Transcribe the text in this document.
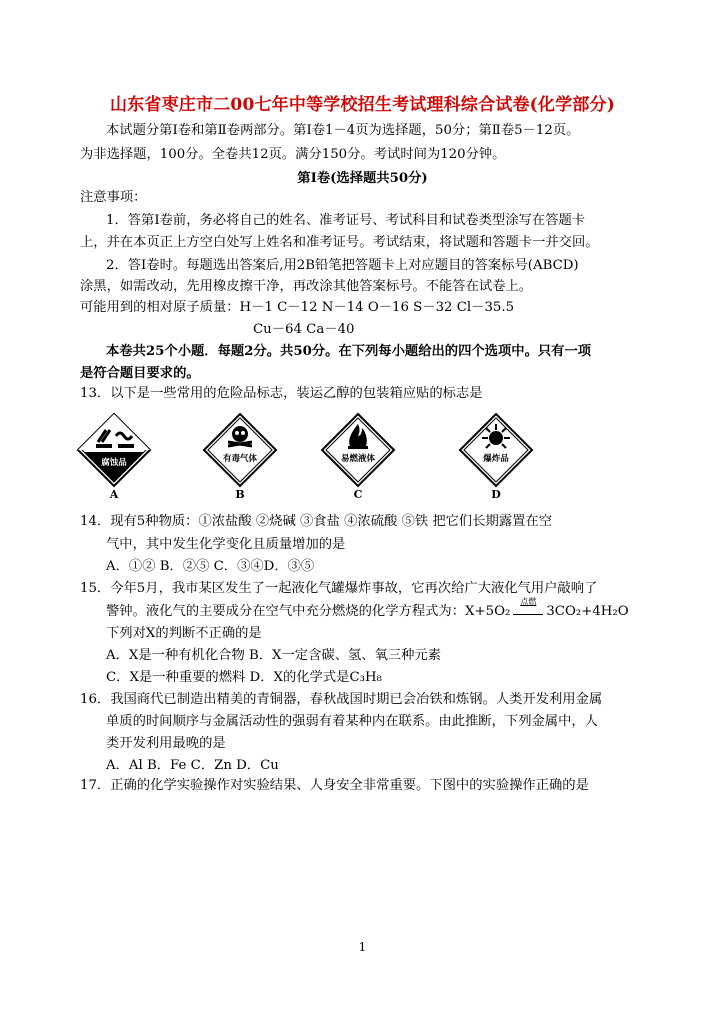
山东省枣庄市二00七年中等学校招生考试理科综合试卷(化学部分)
本试题分第Ⅰ卷和第Ⅱ卷两部分。第Ⅰ卷1－4页为选择题，50分；第Ⅱ卷5－12页。
为非选择题，100分。全卷共12页。满分150分。考试时间为120分钟。
第Ⅰ卷(选择题共50分)
注意事项：
1．答第Ⅰ卷前，务必将自己的姓名、准考证号、考试科目和试卷类型涂写在答题卡
上，并在本页正上方空白处写上姓名和准考证号。考试结束，将试题和答题卡一并交回。
2．答Ⅰ卷时。每题选出答案后,用2B铅笔把答题卡上对应题目的答案标号(ABCD)
涂黑，如需改动，先用橡皮擦干净，再改涂其他答案标号。不能答在试卷上。
可能用到的相对原子质量：H－1 C－12 N－14 O－16 S－32 Cl－35.5
Cu－64 Ca－40
本卷共25个小题．每题2分。共50分。在下列每小题给出的四个选项中。只有一项
是符合题目要求的。
13．以下是一些常用的危险品标志，装运乙醇的包装箱应贴的标志是
腐蚀品
A
有毒气体
B
易燃液体
C
爆炸品
D
14．现有5种物质：①浓盐酸 ②烧碱 ③食盐 ④浓硫酸 ⑤铁 把它们长期露置在空
气中，其中发生化学变化且质量增加的是
A．①② B．②⑤ C．③④D．③⑤
15．今年5月，我市某区发生了一起液化气罐爆炸事故，它再次给广大液化气用户敲响了
警钟。液化气的主要成分在空气中充分燃烧的化学方程式为：X+5O₂
点燃
3CO₂+4H₂O
下列对X的判断不正确的是
A．X是一种有机化合物 B．X一定含碳、氢、氧三种元素
C．X是一种重要的燃料 D．X的化学式是C₃H₈
16．我国商代已制造出精美的青铜器，春秋战国时期已会冶铁和炼钢。人类开发利用金属
单质的时间顺序与金属活动性的强弱有着某种内在联系。由此推断，下列金属中，人
类开发利用最晚的是
A．Al B．Fe C．Zn D．Cu
17．正确的化学实验操作对实验结果、人身安全非常重要。下图中的实验操作正确的是
1
